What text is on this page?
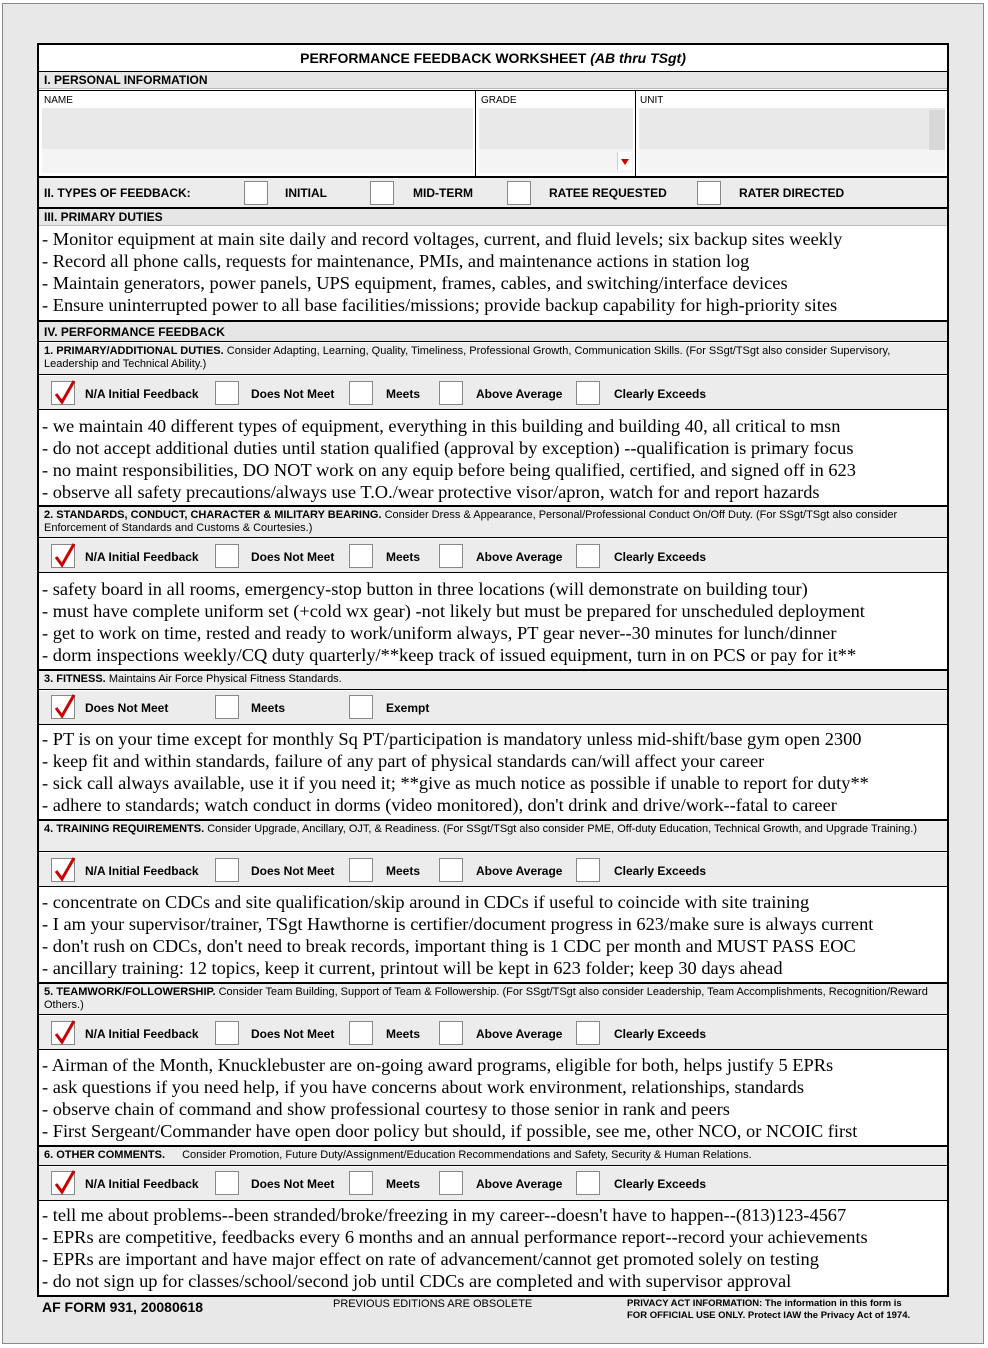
PERFORMANCE FEEDBACK WORKSHEET (AB thru TSgt)
I. PERSONAL INFORMATION
NAME	GRADE	UNIT
II. TYPES OF FEEDBACK:	INITIAL	MID-TERM	RATEE REQUESTED	RATER DIRECTED
III. PRIMARY DUTIES
- Monitor equipment at main site daily and record voltages, current, and fluid levels; six backup sites weekly
- Record all phone calls, requests for maintenance, PMIs, and maintenance actions in station log
- Maintain generators, power panels, UPS equipment, frames, cables, and switching/interface devices
- Ensure uninterrupted power to all base facilities/missions; provide backup capability for high-priority sites
IV. PERFORMANCE FEEDBACK
1. PRIMARY/ADDITIONAL DUTIES. Consider Adapting, Learning, Quality, Timeliness, Professional Growth, Communication Skills. (For SSgt/TSgt also consider Supervisory, Leadership and Technical Ability.)
N/A Initial Feedback	Does Not Meet	Meets	Above Average	Clearly Exceeds
- we maintain 40 different types of equipment, everything in this building and building 40, all critical to msn
- do not accept additional duties until station qualified (approval by exception) --qualification is primary focus
- no maint responsibilities, DO NOT work on any equip before being qualified, certified, and signed off in 623
- observe all safety precautions/always use T.O./wear protective visor/apron, watch for and report hazards
2. STANDARDS, CONDUCT, CHARACTER & MILITARY BEARING. Consider Dress & Appearance, Personal/Professional Conduct On/Off Duty. (For SSgt/TSgt also consider Enforcement of Standards and Customs & Courtesies.)
N/A Initial Feedback	Does Not Meet	Meets	Above Average	Clearly Exceeds
- safety board in all rooms, emergency-stop button in three locations (will demonstrate on building tour)
- must have complete uniform set (+cold wx gear) -not likely but must be prepared for unscheduled deployment
- get to work on time, rested and ready to work/uniform always, PT gear never--30 minutes for lunch/dinner
- dorm inspections weekly/CQ duty quarterly/**keep track of issued equipment, turn in on PCS or pay for it**
3. FITNESS. Maintains Air Force Physical Fitness Standards.
Does Not Meet	Meets	Exempt
- PT is on your time except for monthly Sq PT/participation is mandatory unless mid-shift/base gym open 2300
- keep fit and within standards, failure of any part of physical standards can/will affect your career
- sick call always available, use it if you need it; **give as much notice as possible if unable to report for duty**
- adhere to standards; watch conduct in dorms (video monitored), don't drink and drive/work--fatal to career
4. TRAINING REQUIREMENTS. Consider Upgrade, Ancillary, OJT, & Readiness. (For SSgt/TSgt also consider PME, Off-duty Education, Technical Growth, and Upgrade Training.)
N/A Initial Feedback	Does Not Meet	Meets	Above Average	Clearly Exceeds
- concentrate on CDCs and site qualification/skip around in CDCs if useful to coincide with site training
- I am your supervisor/trainer, TSgt Hawthorne is certifier/document progress in 623/make sure is always current
- don't rush on CDCs, don't need to break records, important thing is 1 CDC per month and MUST PASS EOC
- ancillary training: 12 topics, keep it current, printout will be kept in 623 folder; keep 30 days ahead
5. TEAMWORK/FOLLOWERSHIP. Consider Team Building, Support of Team & Followership. (For SSgt/TSgt also consider Leadership, Team Accomplishments, Recognition/Reward Others.)
N/A Initial Feedback	Does Not Meet	Meets	Above Average	Clearly Exceeds
- Airman of the Month, Knucklebuster are on-going award programs, eligible for both, helps justify 5 EPRs
- ask questions if you need help, if you have concerns about work environment, relationships, standards
- observe chain of command and show professional courtesy to those senior in rank and peers
- First Sergeant/Commander have open door policy but should, if possible, see me, other NCO, or NCOIC first
6. OTHER COMMENTS. Consider Promotion, Future Duty/Assignment/Education Recommendations and Safety, Security & Human Relations.
N/A Initial Feedback	Does Not Meet	Meets	Above Average	Clearly Exceeds
- tell me about problems--been stranded/broke/freezing in my career--doesn't have to happen--(813)123-4567
- EPRs are competitive, feedbacks every 6 months and an annual performance report--record your achievements
- EPRs are important and have major effect on rate of advancement/cannot get promoted solely on testing
- do not sign up for classes/school/second job until CDCs are completed and with supervisor approval
AF FORM 931, 20080618	PREVIOUS EDITIONS ARE OBSOLETE	PRIVACY ACT INFORMATION: The information in this form is
FOR OFFICIAL USE ONLY. Protect IAW the Privacy Act of 1974.
